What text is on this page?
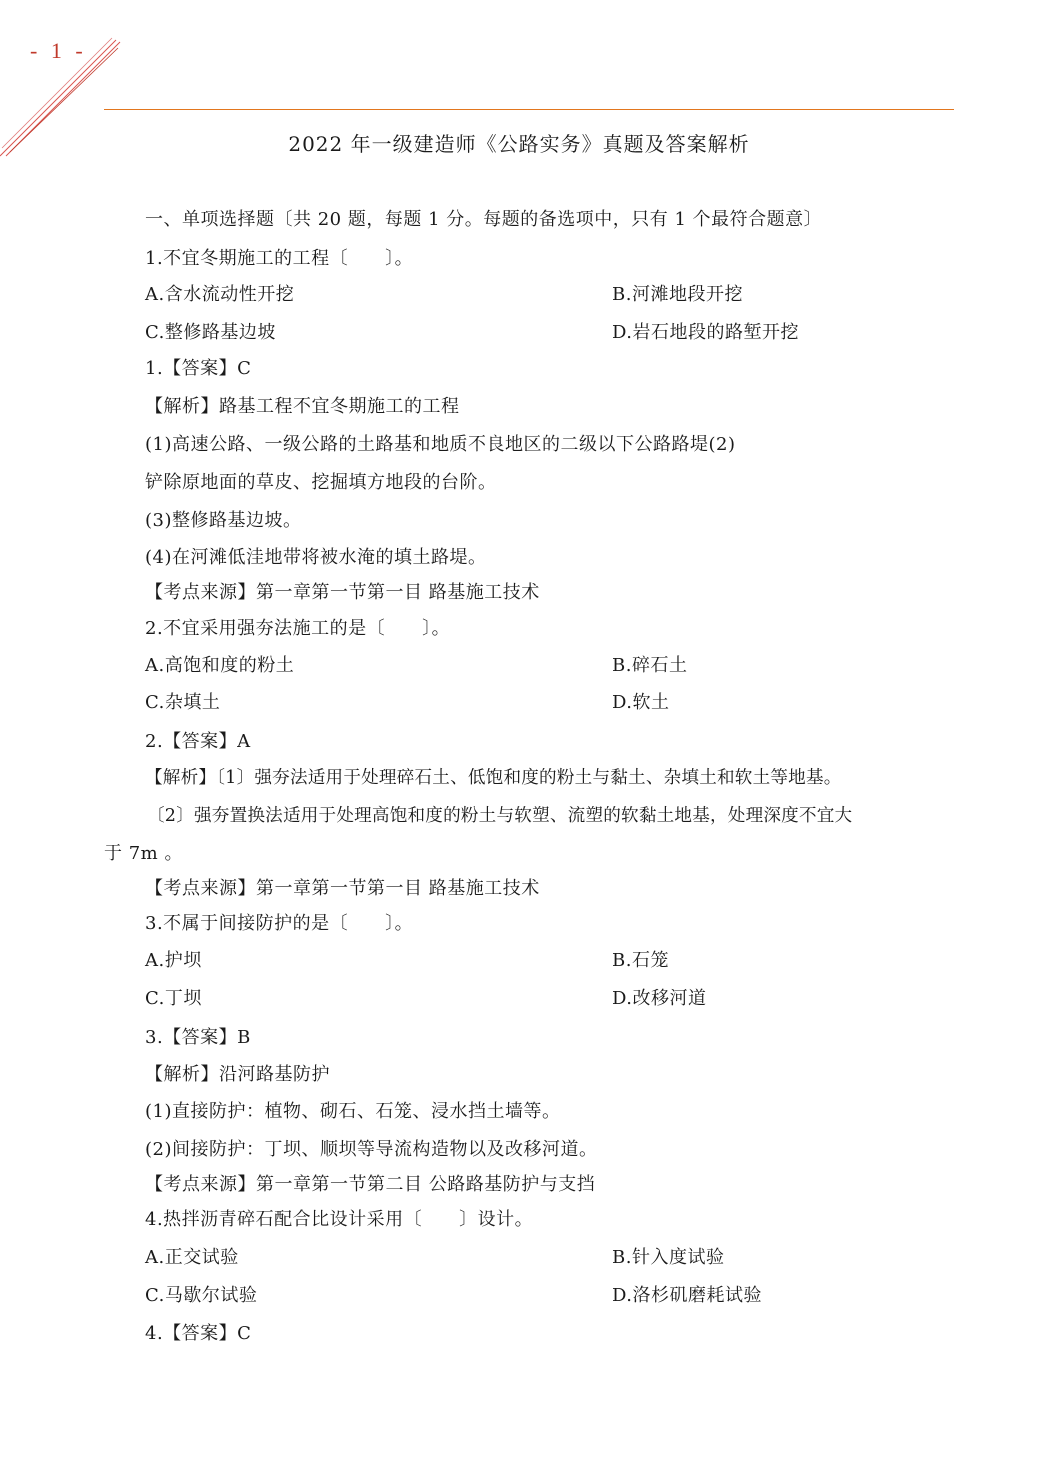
- 1 -
2022 年一级建造师《公路实务》真题及答案解析
一、单项选择题〔共 20 题，每题 1 分。每题的备选项中，只有 1 个最符合题意〕
1.不宜冬期施工的工程〔　　〕。
A.含水流动性开挖	B.河滩地段开挖
C.整修路基边坡	D.岩石地段的路堑开挖
1.【答案】C
【解析】路基工程不宜冬期施工的工程
(1)高速公路、一级公路的土路基和地质不良地区的二级以下公路路堤(2)
铲除原地面的草皮、挖掘填方地段的台阶。
(3)整修路基边坡。
(4)在河滩低洼地带将被水淹的填土路堤。
【考点来源】第一章第一节第一目 路基施工技术
2.不宜采用强夯法施工的是〔　　〕。
A.高饱和度的粉土	B.碎石土
C.杂填土	D.软土
2.【答案】A
【解析】〔1〕强夯法适用于处理碎石土、低饱和度的粉土与黏土、杂填土和软土等地基。
〔2〕强夯置换法适用于处理高饱和度的粉土与软塑、流塑的软黏土地基，处理深度不宜大
于 7m 。
【考点来源】第一章第一节第一目 路基施工技术
3.不属于间接防护的是〔　　〕。
A.护坝	B.石笼
C.丁坝	D.改移河道
3.【答案】B
【解析】沿河路基防护
(1)直接防护：植物、砌石、石笼、浸水挡土墙等。
(2)间接防护：丁坝、顺坝等导流构造物以及改移河道。
【考点来源】第一章第一节第二目 公路路基防护与支挡
4.热拌沥青碎石配合比设计采用〔　　〕设计。
A.正交试验	B.针入度试验
C.马歇尔试验	D.洛杉矶磨耗试验
4.【答案】C
